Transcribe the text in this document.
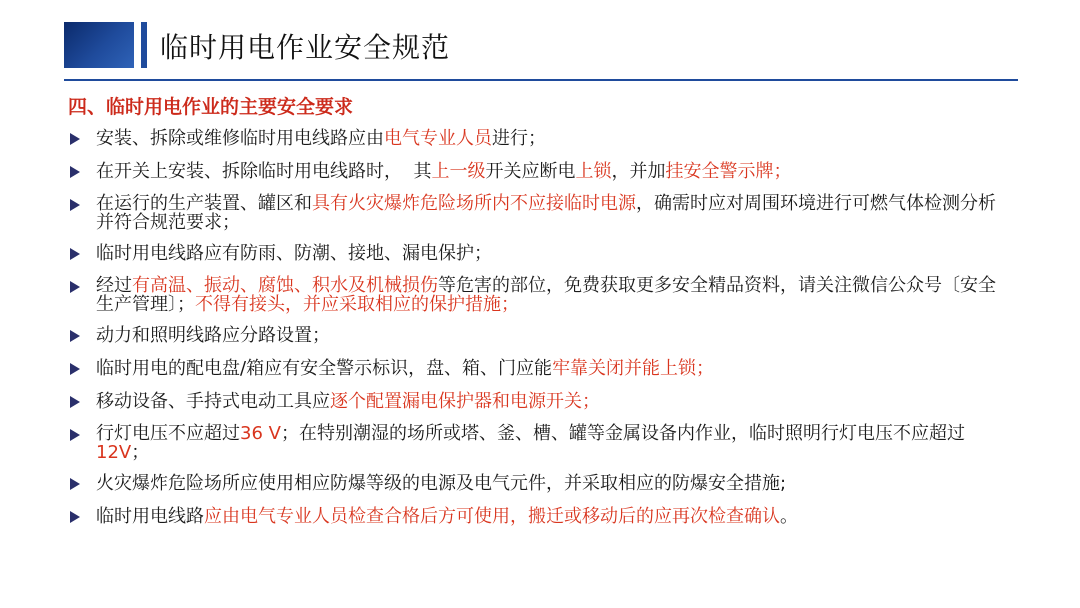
临时用电作业安全规范
四、临时用电作业的主要安全要求
安装、拆除或维修临时用电线路应由电气专业人员进行；
在开关上安装、拆除临时用电线路时，  其上一级开关应断电上锁，并加挂安全警示牌；
在运行的生产装置、罐区和具有火灾爆炸危险场所内不应接临时电源，确需时应对周围环境进行可燃气体检测分析并符合规范要求；
临时用电线路应有防雨、防潮、接地、漏电保护；
经过有高温、振动、腐蚀、积水及机械损伤等危害的部位，免费获取更多安全精品资料，请关注微信公众号〔安全生产管理〕；不得有接头，并应采取相应的保护措施；
动力和照明线路应分路设置；
临时用电的配电盘/箱应有安全警示标识，盘、箱、门应能牢靠关闭并能上锁；
移动设备、手持式电动工具应逐个配置漏电保护器和电源开关；
行灯电压不应超过36 V；在特别潮湿的场所或塔、釜、槽、罐等金属设备内作业，临时照明行灯电压不应超过12V；
火灾爆炸危险场所应使用相应防爆等级的电源及电气元件，并采取相应的防爆安全措施;
临时用电线路应由电气专业人员检查合格后方可使用，搬迁或移动后的应再次检查确认。
